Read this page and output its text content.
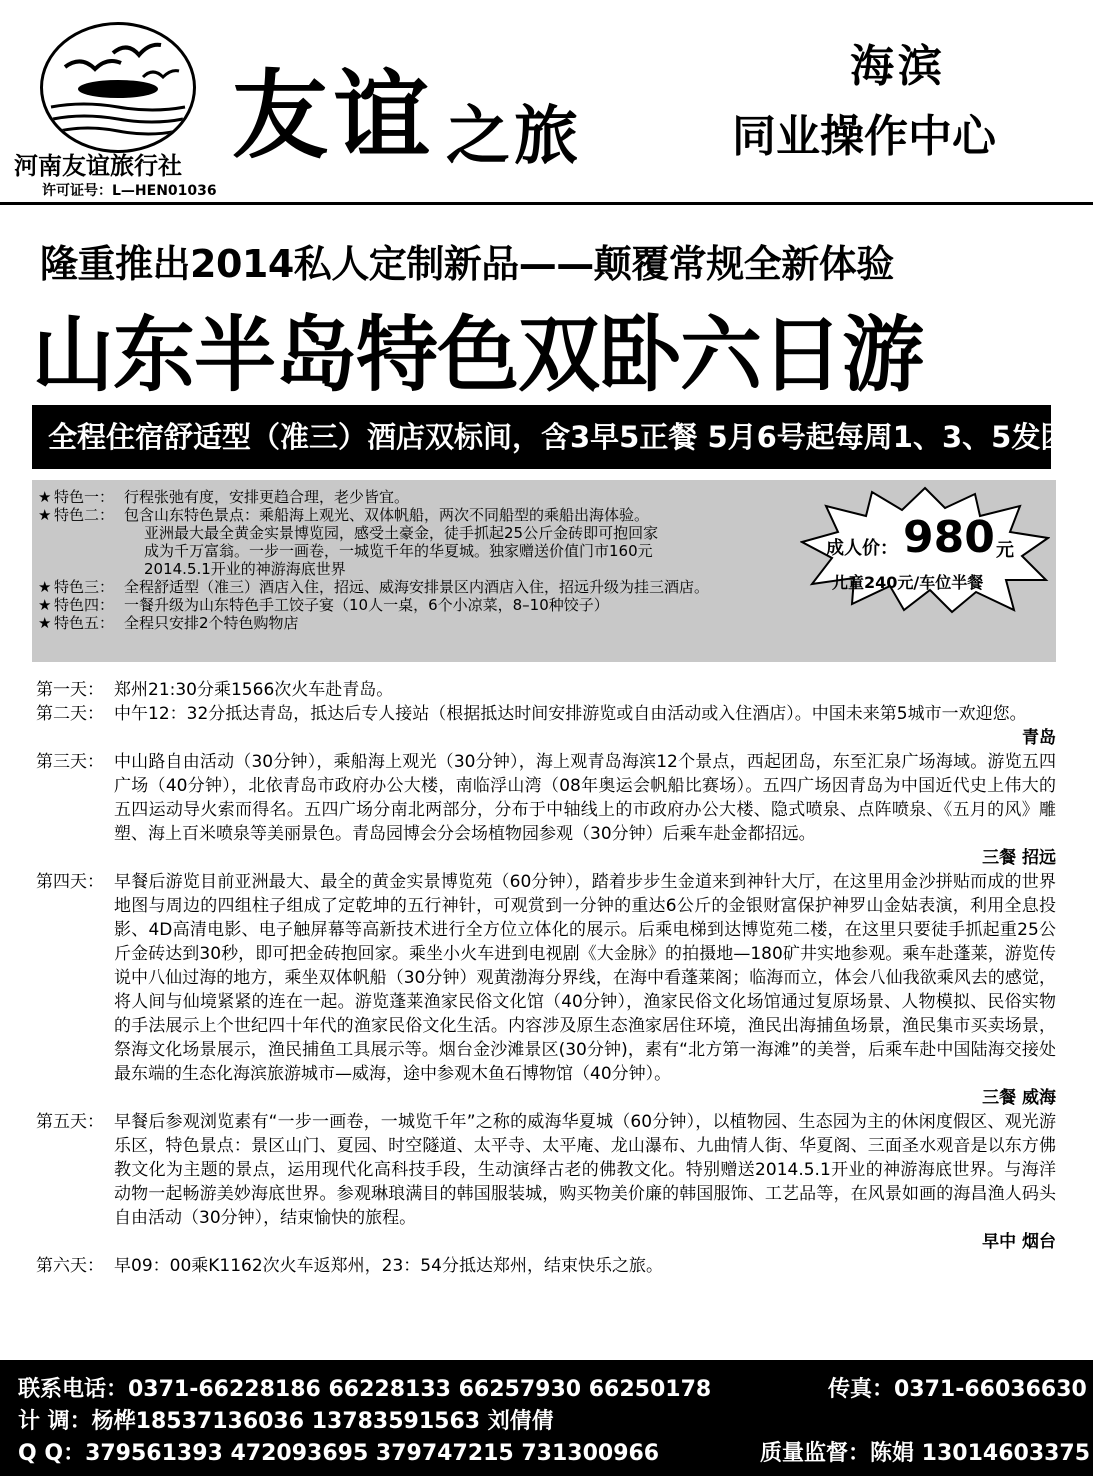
河南友谊旅行社
许可证号：L—HEN01036
友谊 之旅
海滨
同业操作中心
隆重推出2014私人定制新品——颠覆常规全新体验
山东半岛特色双卧六日游
全程住宿舒适型（准三）酒店双标间，含3早5正餐 5月6号起每周1、3、5发团
★ 特色一： 行程张弛有度，安排更趋合理，老少皆宜。
★ 特色二： 包含山东特色景点：乘船海上观光、双体帆船，两次不同船型的乘船出海体验。
亚洲最大最全黄金实景博览园，感受土豪金，徒手抓起25公斤金砖即可抱回家
成为千万富翁。一步一画卷，一城览千年的华夏城。独家赠送价值门市160元
2014.5.1开业的神游海底世界
★ 特色三： 全程舒适型（准三）酒店入住，招远、威海安排景区内酒店入住，招远升级为挂三酒店。
★ 特色四： 一餐升级为山东特色手工饺子宴（10人一桌，6个小凉菜，8–10种饺子）
★ 特色五： 全程只安排2个特色购物店
成人价： 980 元
儿童240元/车位半餐
第一天： 郑州21:30分乘1566次火车赴青岛。
第二天： 中午12：32分抵达青岛，抵达后专人接站（根据抵达时间安排游览或自由活动或入住酒店）。中国未来第5城市一欢迎您。
青岛
第三天： 中山路自由活动（30分钟），乘船海上观光（30分钟），海上观青岛海滨12个景点，西起团岛，东至汇泉广场海域。游览五四广场（40分钟），北依青岛市政府办公大楼，南临浮山湾（08年奥运会帆船比赛场）。五四广场因青岛为中国近代史上伟大的五四运动导火索而得名。五四广场分南北两部分，分布于中轴线上的市政府办公大楼、隐式喷泉、点阵喷泉、《五月的风》雕塑、海上百米喷泉等美丽景色。青岛园博会分会场植物园参观（30分钟）后乘车赴金都招远。
三餐 招远
第四天： 早餐后游览目前亚洲最大、最全的黄金实景博览苑（60分钟），踏着步步生金道来到神针大厅，在这里用金沙拼贴而成的世界地图与周边的四组柱子组成了定乾坤的五行神针，可观赏到一分钟的重达6公斤的金银财富保护神罗山金姑表演，利用全息投影、4D高清电影、电子触屏幕等高新技术进行全方位立体化的展示。后乘电梯到达博览苑二楼，在这里只要徒手抓起重25公斤金砖达到30秒，即可把金砖抱回家。乘坐小火车进到电视剧《大金脉》的拍摄地—180矿井实地参观。乘车赴蓬莱，游览传说中八仙过海的地方，乘坐双体帆船（30分钟）观黄渤海分界线，在海中看蓬莱阁；临海而立，体会八仙我欲乘风去的感觉，将人间与仙境紧紧的连在一起。游览蓬莱渔家民俗文化馆（40分钟），渔家民俗文化场馆通过复原场景、人物模拟、民俗实物的手法展示上个世纪四十年代的渔家民俗文化生活。内容涉及原生态渔家居住环境，渔民出海捕鱼场景，渔民集市买卖场景，祭海文化场景展示，渔民捕鱼工具展示等。烟台金沙滩景区(30分钟)，素有“北方第一海滩”的美誉，后乘车赴中国陆海交接处最东端的生态化海滨旅游城市—威海，途中参观木鱼石博物馆（40分钟）。
三餐 威海
第五天： 早餐后参观浏览素有“一步一画卷，一城览千年”之称的威海华夏城（60分钟），以植物园、生态园为主的休闲度假区、观光游乐区，特色景点：景区山门、夏园、时空隧道、太平寺、太平庵、龙山瀑布、九曲情人街、华夏阁、三面圣水观音是以东方佛教文化为主题的景点，运用现代化高科技手段，生动演绎古老的佛教文化。特别赠送2014.5.1开业的神游海底世界。与海洋动物一起畅游美妙海底世界。参观琳琅满目的韩国服装城，购买物美价廉的韩国服饰、工艺品等，在风景如画的海昌渔人码头自由活动（30分钟），结束愉快的旅程。
早中 烟台
第六天： 早09：00乘K1162次火车返郑州，23：54分抵达郑州，结束快乐之旅。
联系电话：0371-66228186 66228133 66257930 66250178	传真：0371-66036630
计 调：杨桦18537136036 13783591563 刘倩倩
Q Q：379561393 472093695 379747215 731300966	质量监督：陈娟 13014603375
